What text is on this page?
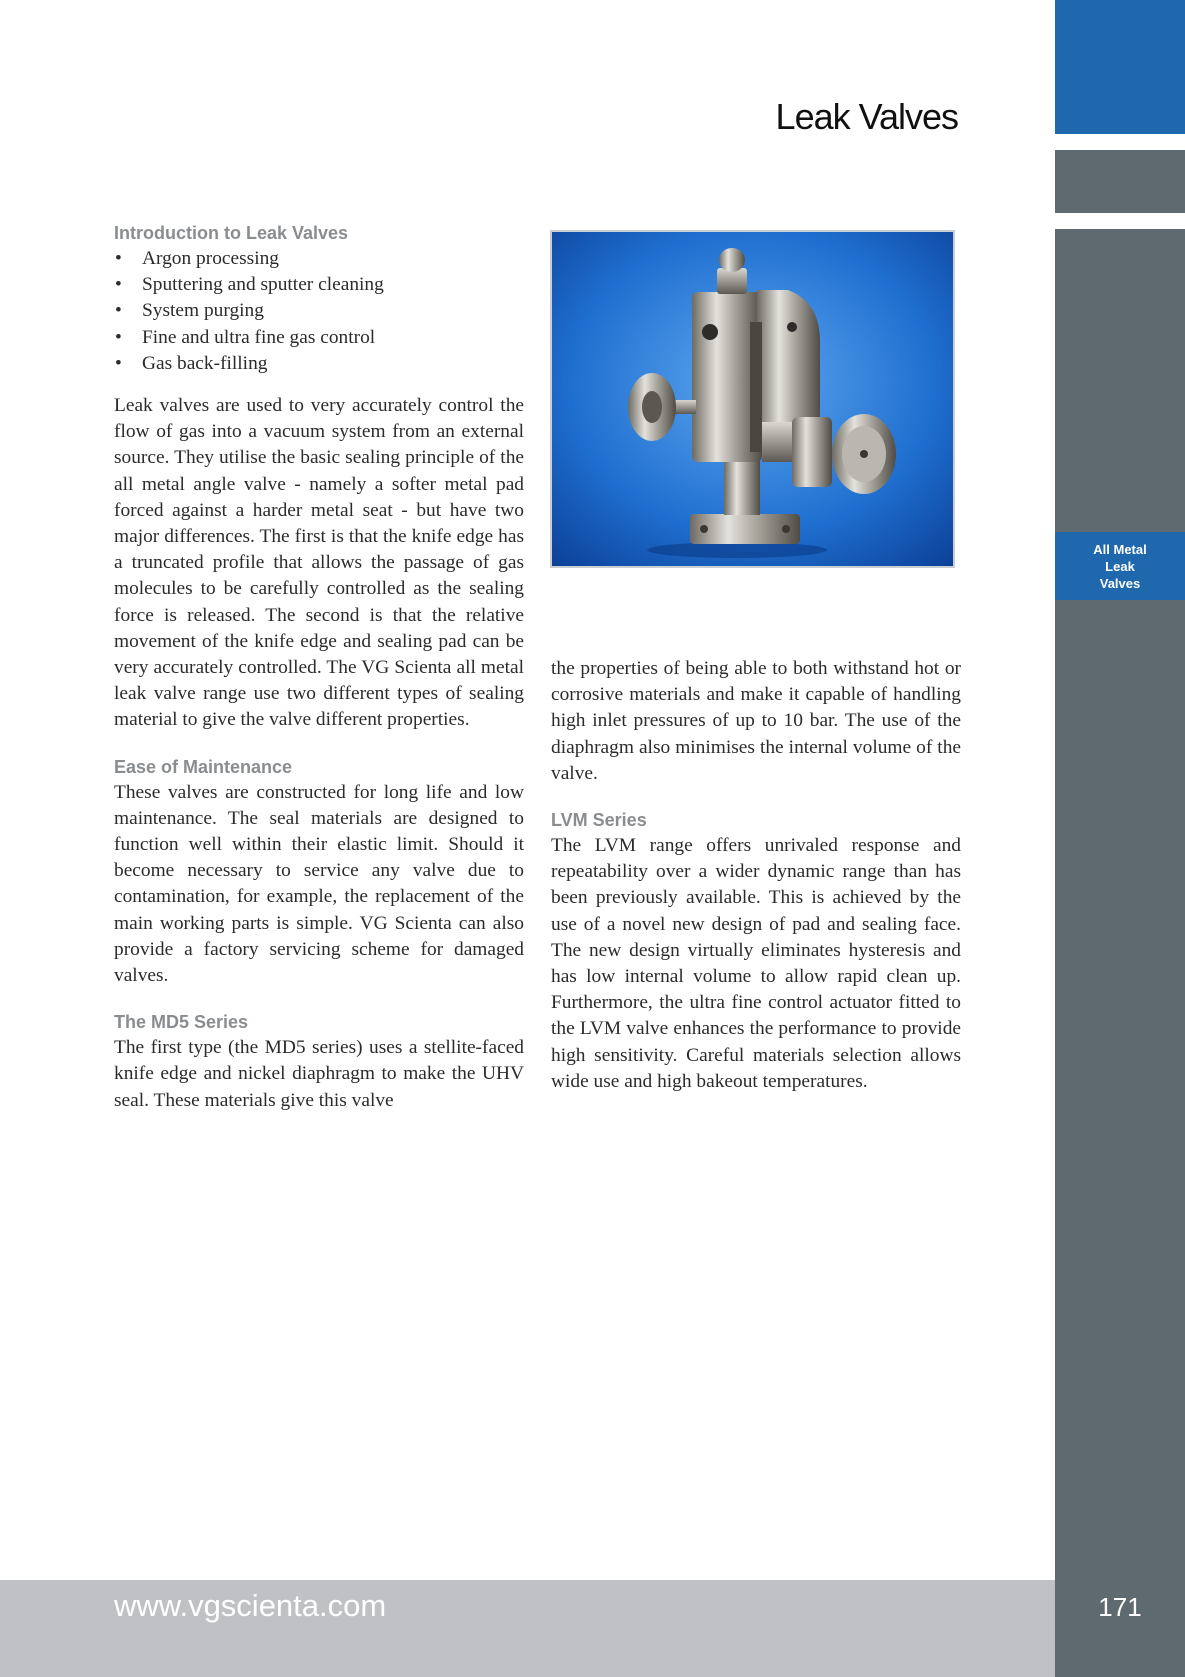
All Metal
Leak
Valves
Leak Valves
Introduction to Leak Valves
• Argon processing
• Sputtering and sputter cleaning
• System purging
• Fine and ultra fine gas control
• Gas back-filling

Leak valves are used to very accurately control the flow of gas into a vacuum system from an external source. They utilise the basic sealing principle of the all metal angle valve - namely a softer metal pad forced against a harder metal seat - but have two major differences. The first is that the knife edge has a truncated profile that allows the passage of gas molecules to be carefully controlled as the sealing force is released. The second is that the relative movement of the knife edge and sealing pad can be very accurately controlled. The VG Scienta all metal leak valve range use two different types of sealing material to give the valve different properties.

Ease of Maintenance

These valves are constructed for long life and low maintenance. The seal materials are designed to function well within their elastic limit. Should it become necessary to service any valve due to contamination, for example, the replacement of the main working parts is simple. VG Scienta can also provide a factory servicing scheme for damaged valves.

The MD5 Series

The first type (the MD5 series) uses a stellite-faced knife edge and nickel diaphragm to make the UHV seal. These materials give this valve

the properties of being able to both withstand hot or corrosive materials and make it capable of handling high inlet pressures of up to 10 bar. The use of the diaphragm also minimises the internal volume of the valve.

LVM Series

The LVM range offers unrivaled response and repeatability over a wider dynamic range than has been previously available. This is achieved by the use of a novel new design of pad and sealing face. The new design virtually eliminates hysteresis and has low internal volume to allow rapid clean up. Furthermore, the ultra fine control actuator fitted to the LVM valve enhances the performance to provide high sensitivity. Careful materials selection allows wide use and high bakeout temperatures.

www.vgscienta.com	171
